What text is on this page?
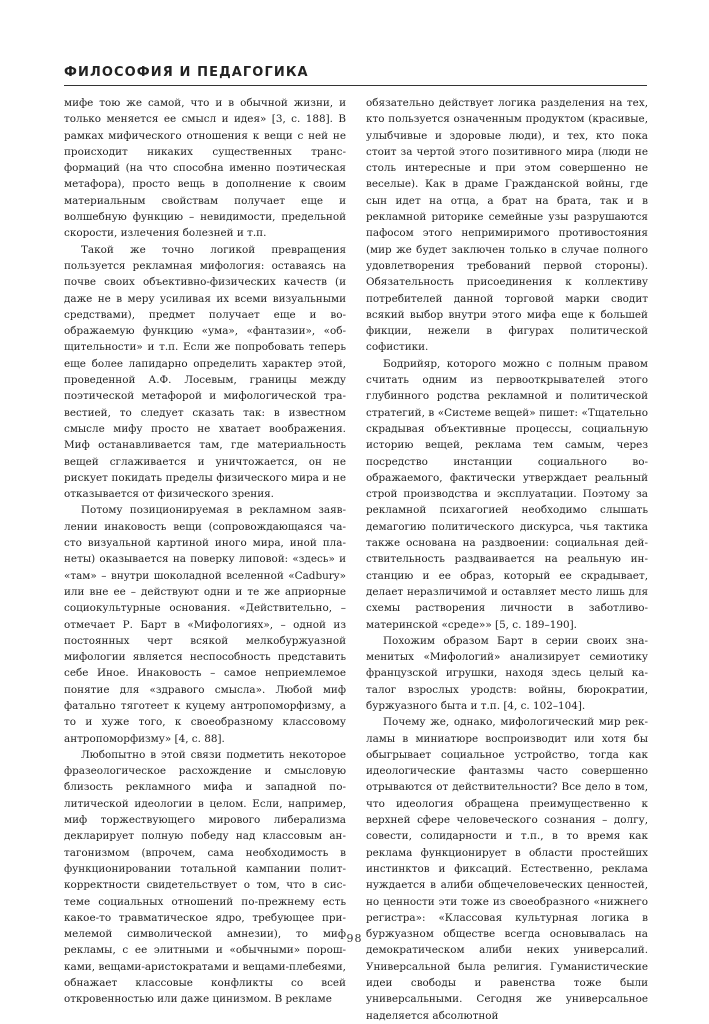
ФИЛОСОФИЯ И ПЕДАГОГИКА

мифе тою же самой, что и в обычной жизни, и только меняется ее смысл и идея» [3, с. 188]. В рамках мифического отношения к вещи с ней не происходит никаких существенных трансформаций (на что способна именно поэтическая метафора), просто вещь в дополнение к своим материальным свойствам получает еще и волшебную функцию – невидимости, предельной скорости, излечения болезней и т.п.

Такой же точно логикой превращения пользуется рекламная мифология: оставаясь на почве своих объективно-физических качеств (и даже не в меру усиливая их всеми визуальными средствами), предмет получает еще и воображаемую функцию «ума», «фантазии», «общительности» и т.п. Если же попробовать теперь еще более лапидарно определить характер этой, проведенной А.Ф. Лосевым, границы между поэтической метафорой и мифологической травестией, то следует сказать так: в известном смысле мифу просто не хватает воображения. Миф останавливается там, где материальность вещей сглаживается и уничтожается, он не рискует покидать пределы физического мира и не отказывается от физического зрения.

Потому позиционируемая в рекламном заявлении инаковость вещи (сопровождающаяся часто визуальной картиной иного мира, иной планеты) оказывается на поверку липовой: «здесь» и «там» – внутри шоколадной вселенной «Cadbury» или вне ее – действуют одни и те же априорные социокультурные основания. «Действительно, – отмечает Р. Барт в «Мифологиях», – одной из постоянных черт всякой мелкобуржуазной мифологии является неспособность представить себе Иное. Инаковость – самое неприемлемое понятие для «здравого смысла». Любой миф фатально тяготеет к куцему антропоморфизму, а то и хуже того, к своеобразному классовому антропоморфизму» [4, с. 88].

Любопытно в этой связи подметить некоторое фразеологическое расхождение и смысловую близость рекламного мифа и западной политической идеологии в целом. Если, например, миф торжествующего мирового либерализма декларирует полную победу над классовым антагонизмом (впрочем, сама необходимость в функционировании тотальной кампании политкорректности свидетельствует о том, что в системе социальных отношений по-прежнему есть какое-то травматическое ядро, требующее примелемой символической амнезии), то миф рекламы, с ее элитными и «обычными» порошками, вещами-аристократами и вещами-плебеями, обнажает классовые конфликты со всей откровенностью или даже цинизмом. В рекламе

обязательно действует логика разделения на тех, кто пользуется означенным продуктом (красивые, улыбчивые и здоровые люди), и тех, кто пока стоит за чертой этого позитивного мира (люди не столь интересные и при этом совершенно не веселые). Как в драме Гражданской войны, где сын идет на отца, а брат на брата, так и в рекламной риторике семейные узы разрушаются пафосом этого непримиримого противостояния (мир же будет заключен только в случае полного удовлетворения требований первой стороны). Обязательность присоединения к коллективу потребителей данной торговой марки сводит всякий выбор внутри этого мифа еще к большей фикции, нежели в фигурах политической софистики.

Бодрийяр, которого можно с полным правом считать одним из первооткрывателей этого глубинного родства рекламной и политической стратегий, в «Системе вещей» пишет: «Тщательно скрадывая объективные процессы, социальную историю вещей, реклама тем самым, через посредство инстанции социального воображаемого, фактически утверждает реальный строй производства и эксплуатации. Поэтому за рекламной психагогией необходимо слышать демагогию политического дискурса, чья тактика также основана на раздвоении: социальная действительность раздваивается на реальную инстанцию и ее образ, который ее скрадывает, делает неразличимой и оставляет место лишь для схемы растворения личности в заботливоматеринской «среде»» [5, с. 189–190].

Похожим образом Барт в серии своих знаменитых «Мифологий» анализирует семиотику французской игрушки, находя здесь целый каталог взрослых уродств: войны, бюрократии, буржуазного быта и т.п. [4, с. 102–104].

Почему же, однако, мифологический мир рекламы в миниатюре воспроизводит или хотя бы обыгрывает социальное устройство, тогда как идеологические фантазмы часто совершенно отрываются от действительности? Все дело в том, что идеология обращена преимущественно к верхней сфере человеческого сознания – долгу, совести, солидарности и т.п., в то время как реклама функционирует в области простейших инстинктов и фиксаций. Естественно, реклама нуждается в алиби общечеловеческих ценностей, но ценности эти тоже из своеобразного «нижнего регистра»: «Классовая культурная логика в буржуазном обществе всегда основывалась на демократическом алиби неких универсалий. Универсальной была религия. Гуманистические идеи свободы и равенства тоже были универсальными. Сегодня же универсальное наделяется абсолютной

98
